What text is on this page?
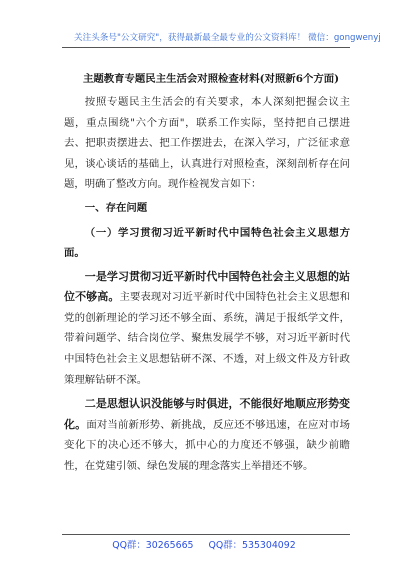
关注头条号"公文研究"，获得最新最全最专业的公文资料库！ 微信：gongwenyj
主题教育专题民主生活会对照检查材料(对照新6个方面)

按照专题民主生活会的有关要求，本人深刻把握会议主题，重点围绕"六个方面"，联系工作实际，坚持把自己摆进去、把职责摆进去、把工作摆进去，在深入学习，广泛征求意见，谈心谈话的基础上，认真进行对照检查，深刻剖析存在问题，明确了整改方向。现作检视发言如下：

一、存在问题

（一）学习贯彻习近平新时代中国特色社会主义思想方面。

一是学习贯彻习近平新时代中国特色社会主义思想的站位不够高。主要表现对习近平新时代中国特色社会主义思想和党的创新理论的学习还不够全面、系统，满足于报纸学文件，带着问题学、结合岗位学、聚焦发展学不够，对习近平新时代中国特色社会主义思想钻研不深、不透，对上级文件及方针政策理解钻研不深。

二是思想认识没能够与时俱进，不能很好地顺应形势变化。面对当前新形势、新挑战，反应还不够迅速，在应对市场变化下的决心还不够大，抓中心的力度还不够强，缺少前瞻性，在党建引领、绿色发展的理念落实上举措还不够。

QQ群：30265665 QQ群：535304092
